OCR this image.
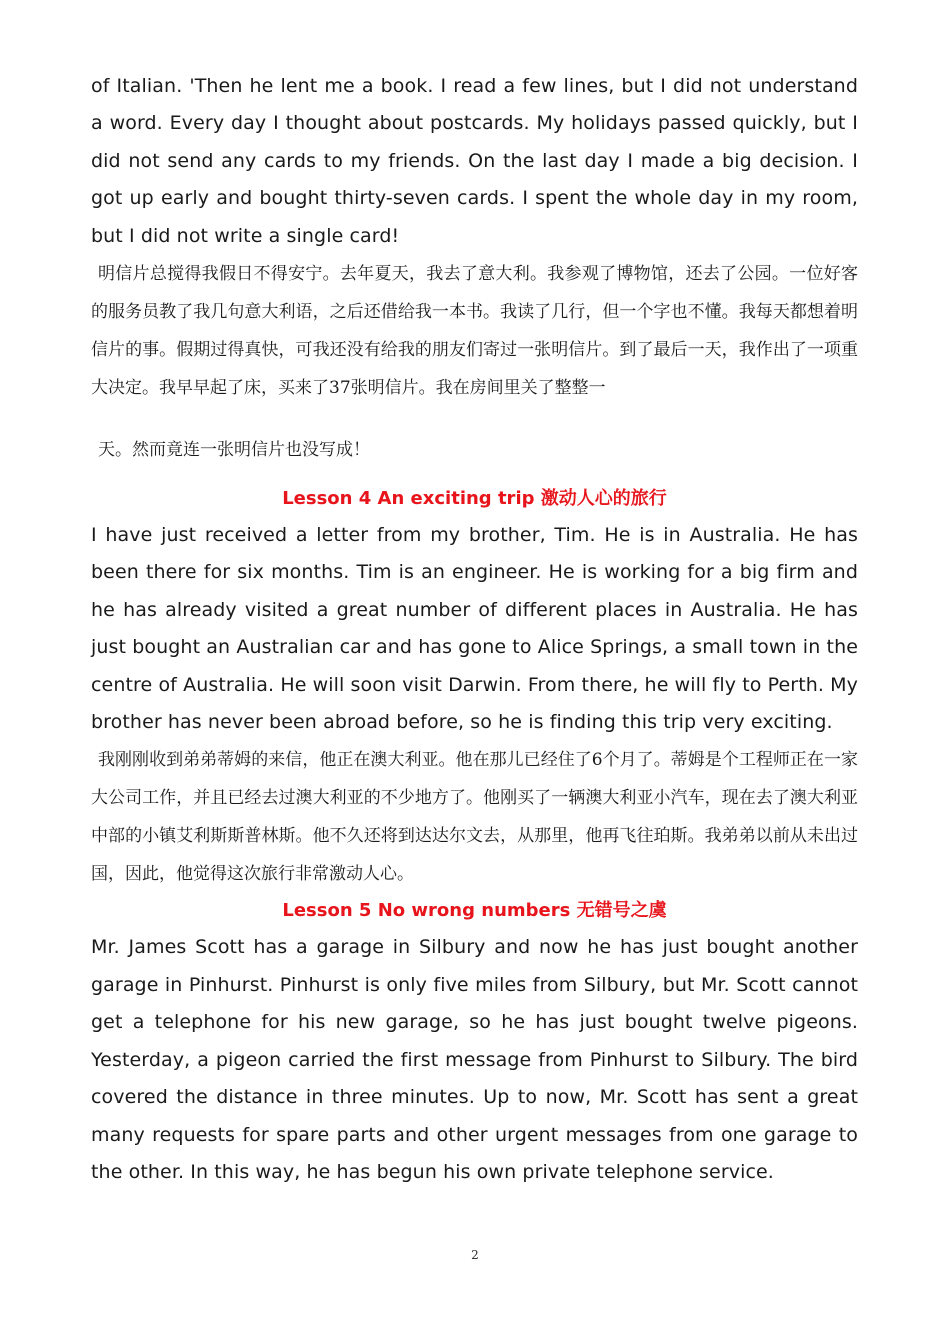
of Italian. 'Then he lent me a book. I read a few lines, but I did not understand a word. Every day I thought about postcards. My holidays passed quickly, but I did not send any cards to my friends. On the last day I made a big decision. I got up early and bought thirty-seven cards. I spent the whole day in my room, but I did not write a single card!

明信片总搅得我假日不得安宁。去年夏天，我去了意大利。我参观了博物馆，还去了公园。一位好客的服务员教了我几句意大利语，之后还借给我一本书。我读了几行，但一个字也不懂。我每天都想着明信片的事。假期过得真快，可我还没有给我的朋友们寄过一张明信片。到了最后一天，我作出了一项重大决定。我早早起了床，买来了37张明信片。我在房间里关了整整一

天。然而竟连一张明信片也没写成！

Lesson 4 An exciting trip 激动人心的旅行

I have just received a letter from my brother, Tim. He is in Australia. He has been there for six months. Tim is an engineer. He is working for a big firm and he has already visited a great number of different places in Australia. He has just bought an Australian car and has gone to Alice Springs, a small town in the centre of Australia. He will soon visit Darwin. From there, he will fly to Perth. My brother has never been abroad before, so he is finding this trip very exciting.

我刚刚收到弟弟蒂姆的来信，他正在澳大利亚。他在那儿已经住了6个月了。蒂姆是个工程师正在一家大公司工作，并且已经去过澳大利亚的不少地方了。他刚买了一辆澳大利亚小汽车，现在去了澳大利亚中部的小镇艾利斯斯普林斯。他不久还将到达达尔文去，从那里，他再飞往珀斯。我弟弟以前从未出过国，因此，他觉得这次旅行非常激动人心。

Lesson 5 No wrong numbers 无错号之虞

Mr. James Scott has a garage in Silbury and now he has just bought another garage in Pinhurst. Pinhurst is only five miles from Silbury, but Mr. Scott cannot get a telephone for his new garage, so he has just bought twelve pigeons. Yesterday, a pigeon carried the first message from Pinhurst to Silbury. The bird covered the distance in three minutes. Up to now, Mr. Scott has sent a great many requests for spare parts and other urgent messages from one garage to the other. In this way, he has begun his own private telephone service.

2
